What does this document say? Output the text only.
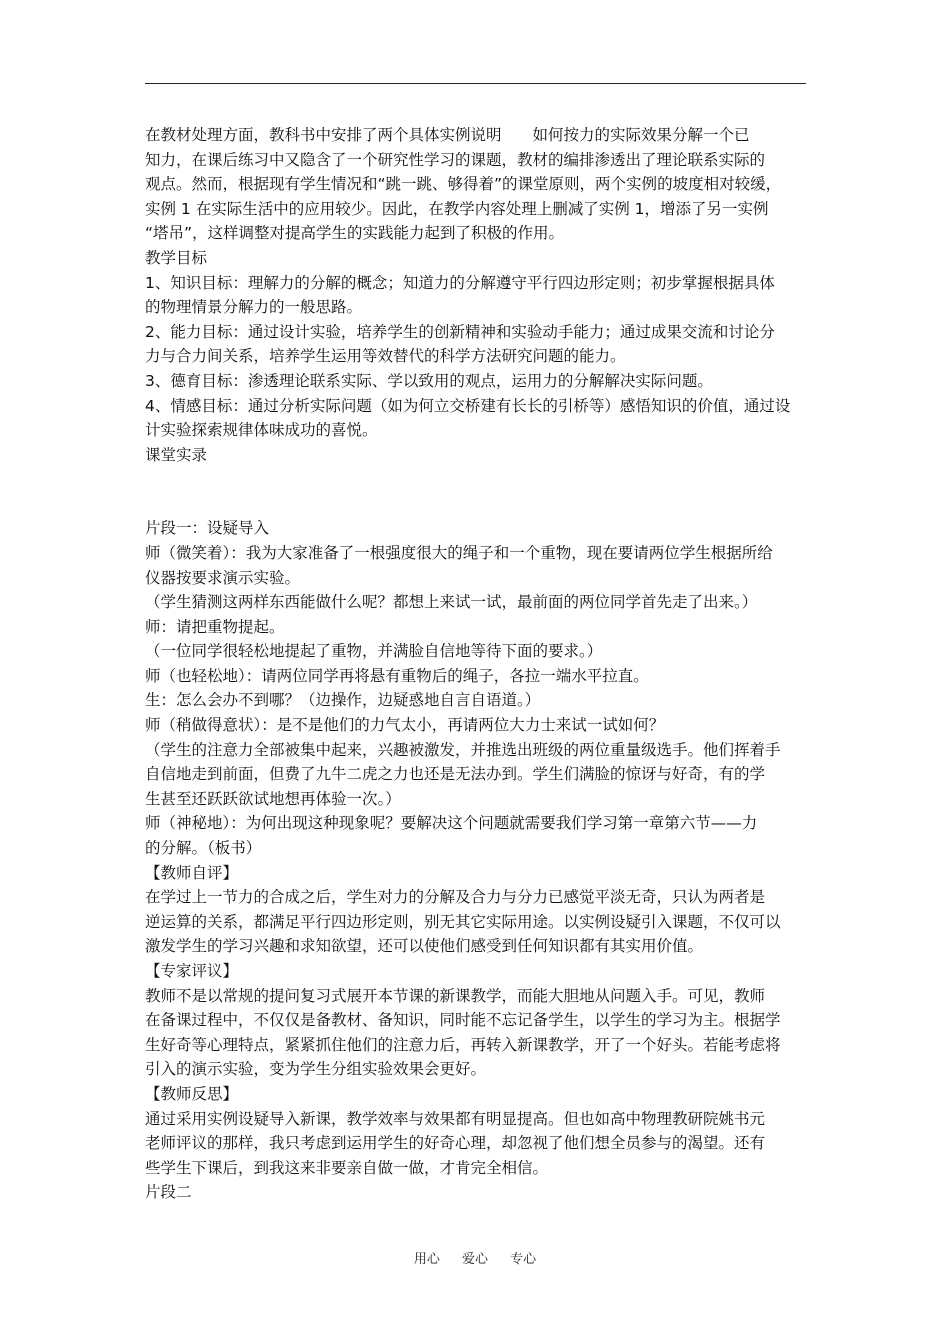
在教材处理方面，教科书中安排了两个具体实例说明　　如何按力的实际效果分解一个已
知力，在课后练习中又隐含了一个研究性学习的课题，教材的编排渗透出了理论联系实际的
观点。然而，根据现有学生情况和“跳一跳、够得着”的课堂原则，两个实例的坡度相对较缓，
实例 1 在实际生活中的应用较少。因此，在教学内容处理上删减了实例 1，增添了另一实例
“塔吊”，这样调整对提高学生的实践能力起到了积极的作用。
教学目标
1、知识目标：理解力的分解的概念；知道力的分解遵守平行四边形定则；初步掌握根据具体
的物理情景分解力的一般思路。
2、能力目标：通过设计实验，培养学生的创新精神和实验动手能力；通过成果交流和讨论分
力与合力间关系，培养学生运用等效替代的科学方法研究问题的能力。
3、德育目标：渗透理论联系实际、学以致用的观点，运用力的分解解决实际问题。
4、情感目标：通过分析实际问题（如为何立交桥建有长长的引桥等）感悟知识的价值，通过设
计实验探索规律体味成功的喜悦。
课堂实录
片段一：设疑导入
师（微笑着）：我为大家准备了一根强度很大的绳子和一个重物，现在要请两位学生根据所给
仪器按要求演示实验。
（学生猜测这两样东西能做什么呢？都想上来试一试，最前面的两位同学首先走了出来。）
师：请把重物提起。
（一位同学很轻松地提起了重物，并满脸自信地等待下面的要求。）
师（也轻松地）：请两位同学再将悬有重物后的绳子，各拉一端水平拉直。
生：怎么会办不到哪？（边操作，边疑惑地自言自语道。）
师（稍做得意状）：是不是他们的力气太小，再请两位大力士来试一试如何？
（学生的注意力全部被集中起来，兴趣被激发，并推选出班级的两位重量级选手。他们挥着手
自信地走到前面，但费了九牛二虎之力也还是无法办到。学生们满脸的惊讶与好奇，有的学
生甚至还跃跃欲试地想再体验一次。）
师（神秘地）：为何出现这种现象呢？要解决这个问题就需要我们学习第一章第六节——力
的分解。（板书）
【教师自评】
在学过上一节力的合成之后，学生对力的分解及合力与分力已感觉平淡无奇，只认为两者是
逆运算的关系，都满足平行四边形定则，别无其它实际用途。以实例设疑引入课题，不仅可以
激发学生的学习兴趣和求知欲望，还可以使他们感受到任何知识都有其实用价值。
【专家评议】
教师不是以常规的提问复习式展开本节课的新课教学，而能大胆地从问题入手。可见，教师
在备课过程中，不仅仅是备教材、备知识，同时能不忘记备学生，以学生的学习为主。根据学
生好奇等心理特点，紧紧抓住他们的注意力后，再转入新课教学，开了一个好头。若能考虑将
引入的演示实验，变为学生分组实验效果会更好。
【教师反思】
通过采用实例设疑导入新课，教学效率与效果都有明显提高。但也如高中物理教研院姚书元
老师评议的那样，我只考虑到运用学生的好奇心理，却忽视了他们想全员参与的渴望。还有
些学生下课后，到我这来非要亲自做一做，才肯完全相信。
片段二
用心 爱心 专心
